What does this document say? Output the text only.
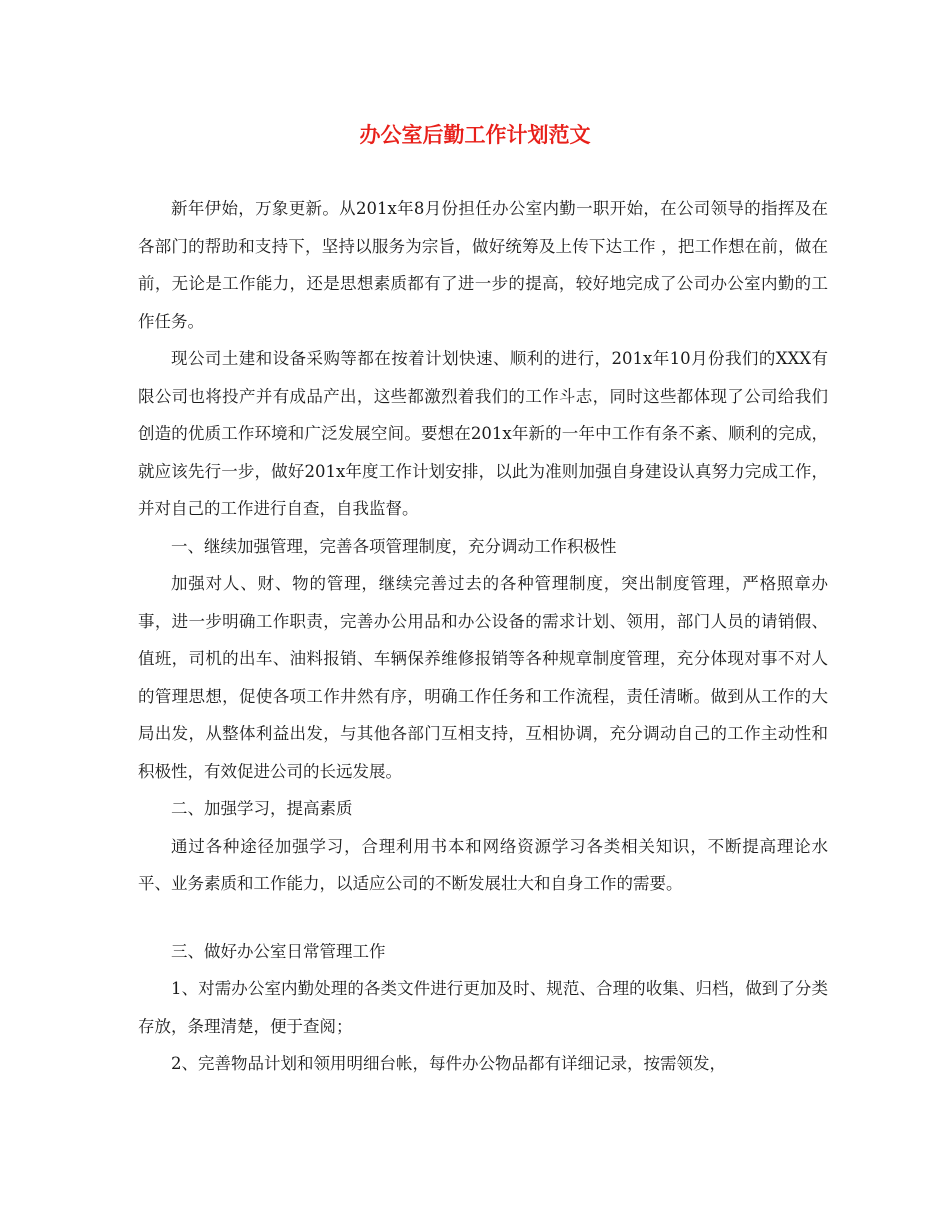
办公室后勤工作计划范文

新年伊始，万象更新。从201x年8月份担任办公室内勤一职开始，在公司领导的指挥及在各部门的帮助和支持下，坚持以服务为宗旨，做好统筹及上传下达工作 ，把工作想在前，做在前，无论是工作能力，还是思想素质都有了进一步的提高，较好地完成了公司办公室内勤的工作任务。

现公司土建和设备采购等都在按着计划快速、顺利的进行，201x年10月份我们的XXX有限公司也将投产并有成品产出，这些都激烈着我们的工作斗志，同时这些都体现了公司给我们创造的优质工作环境和广泛发展空间。要想在201x年新的一年中工作有条不紊、顺利的完成，就应该先行一步，做好201x年度工作计划安排，以此为准则加强自身建设认真努力完成工作，并对自己的工作进行自查，自我监督。

一、继续加强管理，完善各项管理制度，充分调动工作积极性

加强对人、财、物的管理，继续完善过去的各种管理制度，突出制度管理，严格照章办事，进一步明确工作职责，完善办公用品和办公设备的需求计划、领用，部门人员的请销假、值班，司机的出车、油料报销、车辆保养维修报销等各种规章制度管理，充分体现对事不对人的管理思想，促使各项工作井然有序，明确工作任务和工作流程，责任清晰。做到从工作的大局出发，从整体利益出发，与其他各部门互相支持，互相协调，充分调动自己的工作主动性和积极性，有效促进公司的长远发展。

二、加强学习，提高素质

通过各种途径加强学习，合理利用书本和网络资源学习各类相关知识，不断提高理论水平、业务素质和工作能力，以适应公司的不断发展壮大和自身工作的需要。

三、做好办公室日常管理工作

1、对需办公室内勤处理的各类文件进行更加及时、规范、合理的收集、归档，做到了分类存放，条理清楚，便于查阅；

2、完善物品计划和领用明细台帐，每件办公物品都有详细记录，按需领发，
